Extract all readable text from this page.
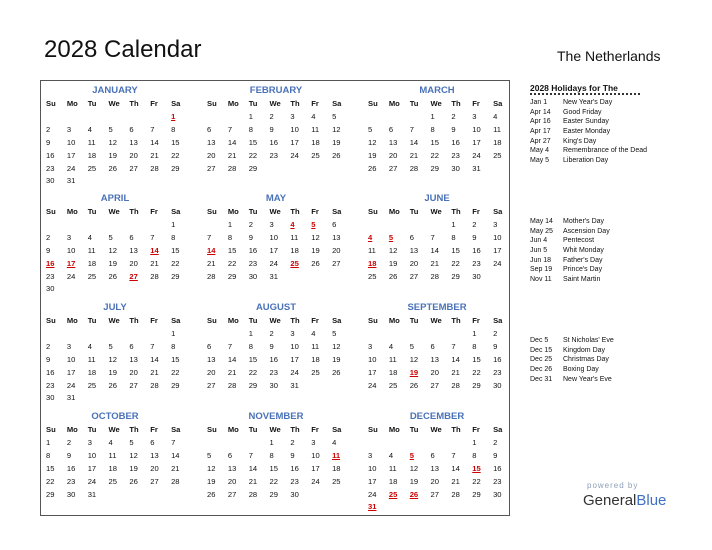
2028 Calendar	The Netherlands
JANUARY
Su	Mo	Tu	We	Th	Fr	Sa
						1
2	3	4	5	6	7	8
9	10	11	12	13	14	15
16	17	18	19	20	21	22
23	24	25	26	27	28	29
30	31					
FEBRUARY
Su	Mo	Tu	We	Th	Fr	Sa
		1	2	3	4	5
6	7	8	9	10	11	12
13	14	15	16	17	18	19
20	21	22	23	24	25	26
27	28	29				
MARCH
Su	Mo	Tu	We	Th	Fr	Sa
			1	2	3	4
5	6	7	8	9	10	11
12	13	14	15	16	17	18
19	20	21	22	23	24	25
26	27	28	29	30	31	
APRIL
Su	Mo	Tu	We	Th	Fr	Sa
						1
2	3	4	5	6	7	8
9	10	11	12	13	14	15
16	17	18	19	20	21	22
23	24	25	26	27	28	29
30						
MAY
Su	Mo	Tu	We	Th	Fr	Sa
	1	2	3	4	5	6
7	8	9	10	11	12	13
14	15	16	17	18	19	20
21	22	23	24	25	26	27
28	29	30	31			
JUNE
Su	Mo	Tu	We	Th	Fr	Sa
				1	2	3
4	5	6	7	8	9	10
11	12	13	14	15	16	17
18	19	20	21	22	23	24
25	26	27	28	29	30	
JULY
Su	Mo	Tu	We	Th	Fr	Sa
						1
2	3	4	5	6	7	8
9	10	11	12	13	14	15
16	17	18	19	20	21	22
23	24	25	26	27	28	29
30	31					
AUGUST
Su	Mo	Tu	We	Th	Fr	Sa
		1	2	3	4	5
6	7	8	9	10	11	12
13	14	15	16	17	18	19
20	21	22	23	24	25	26
27	28	29	30	31		
SEPTEMBER
Su	Mo	Tu	We	Th	Fr	Sa
					1	2
3	4	5	6	7	8	9
10	11	12	13	14	15	16
17	18	19	20	21	22	23
24	25	26	27	28	29	30
OCTOBER
Su	Mo	Tu	We	Th	Fr	Sa
1	2	3	4	5	6	7
8	9	10	11	12	13	14
15	16	17	18	19	20	21
22	23	24	25	26	27	28
29	30	31				
NOVEMBER
Su	Mo	Tu	We	Th	Fr	Sa
			1	2	3	4
5	6	7	8	9	10	11
12	13	14	15	16	17	18
19	20	21	22	23	24	25
26	27	28	29	30		
DECEMBER
Su	Mo	Tu	We	Th	Fr	Sa
					1	2
3	4	5	6	7	8	9
10	11	12	13	14	15	16
17	18	19	20	21	22	23
24	25	26	27	28	29	30
31						
2028 Holidays for The
Jan 1 New Year's Day
Apr 14 Good Friday
Apr 16 Easter Sunday
Apr 17 Easter Monday
Apr 27 King's Day
May 4 Remembrance of the Dead
May 5 Liberation Day
May 14 Mother's Day
May 25 Ascension Day
Jun 4 Pentecost
Jun 5 Whit Monday
Jun 18 Father's Day
Sep 19 Prince's Day
Nov 11 Saint Martin
Dec 5 St Nicholas' Eve
Dec 15 Kingdom Day
Dec 25 Christmas Day
Dec 26 Boxing Day
Dec 31 New Year's Eve
powered by
GeneralBlue
